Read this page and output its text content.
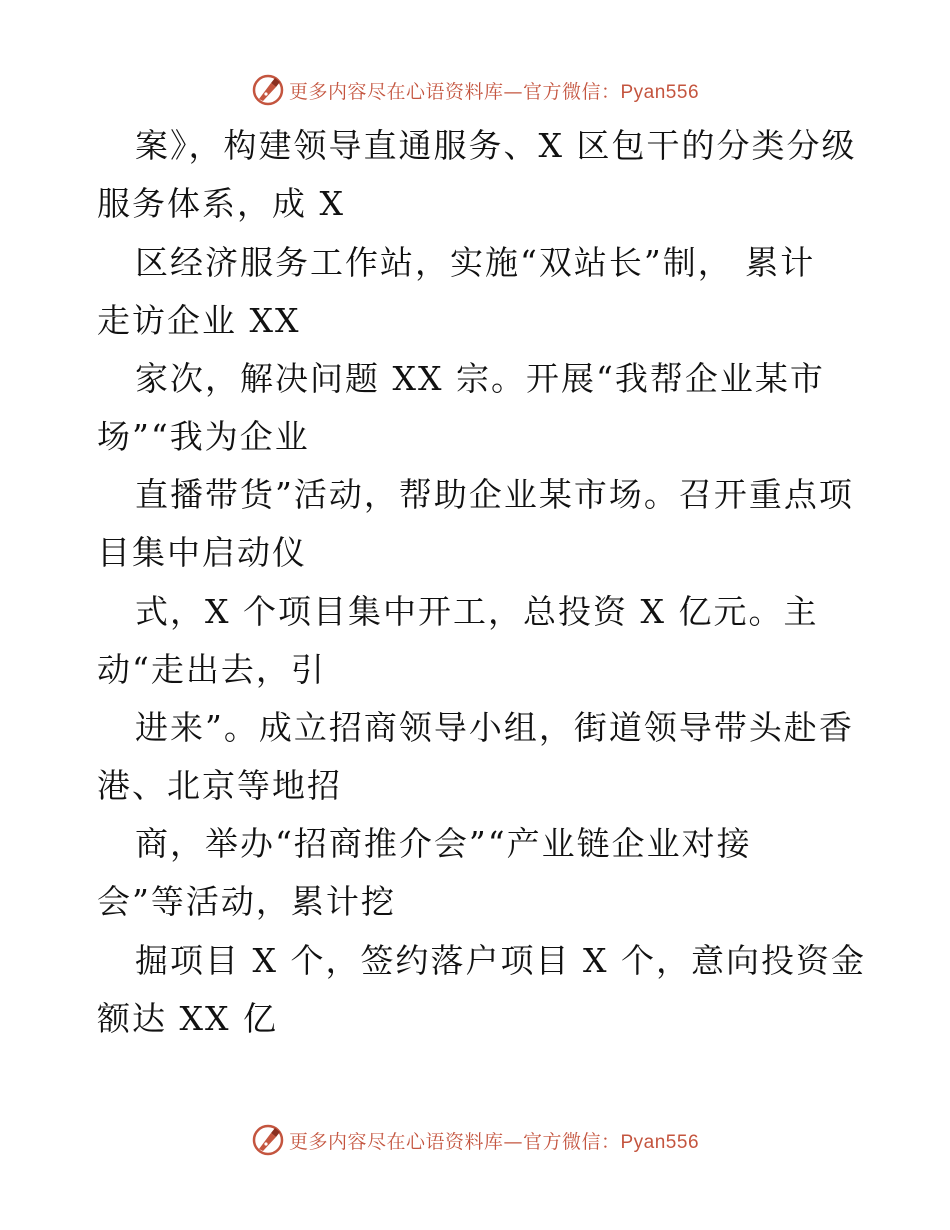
更多内容尽在心语资料库—官方微信：Pyan556
案》，构建领导直通服务、X 区包干的分类分级
服务体系，成 X
区经济服务工作站，实施“双站长”制， 累计
走访企业 XX
家次，解决问题 XX 宗。开展“我帮企业某市
场”“我为企业
直播带货”活动，帮助企业某市场。召开重点项
目集中启动仪
式，X 个项目集中开工，总投资 X 亿元。主
动“走出去，引
进来”。成立招商领导小组，街道领导带头赴香
港、北京等地招
商，举办“招商推介会”“产业链企业对接
会”等活动，累计挖
掘项目 X 个，签约落户项目 X 个，意向投资金
额达 XX 亿
更多内容尽在心语资料库—官方微信：Pyan556
